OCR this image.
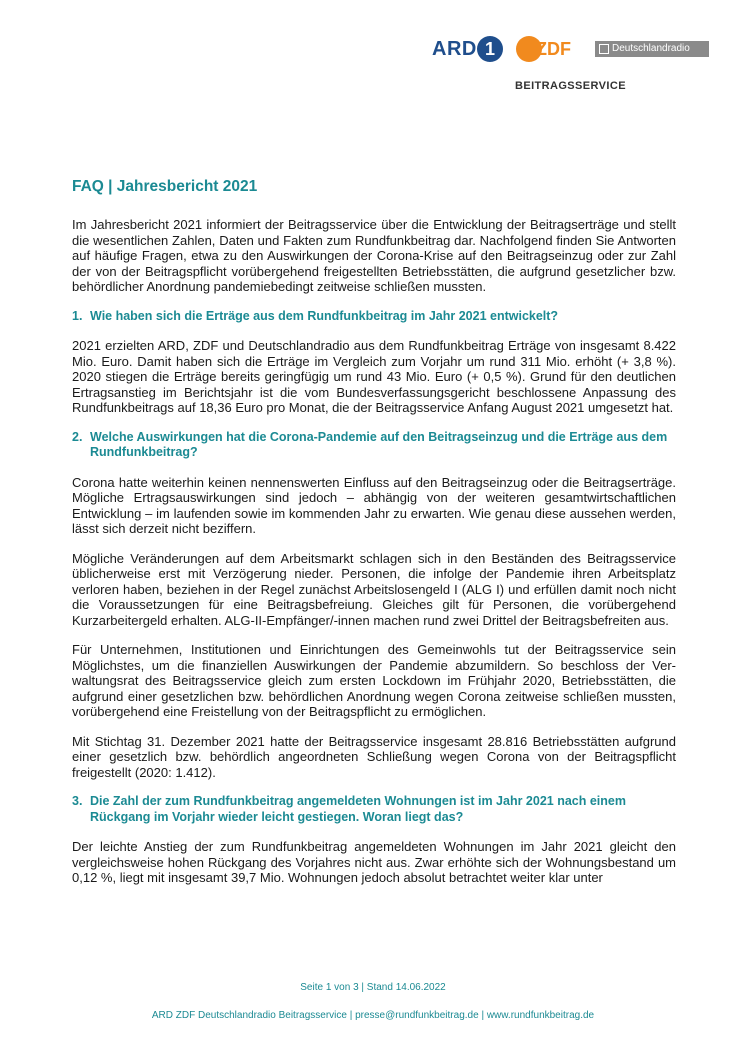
ARD 1 ZDF	Deutschlandradio
BEITRAGSSERVICE
FAQ | Jahresbericht 2021

Im Jahresbericht 2021 informiert der Beitragsservice über die Entwicklung der Beitragserträge und stellt die wesentlichen Zahlen, Daten und Fakten zum Rundfunkbeitrag dar. Nachfolgend finden Sie Antworten auf häufige Fragen, etwa zu den Auswirkungen der Corona-Krise auf den Beitragseinzug oder zur Zahl der von der Beitragspflicht vorübergehend freigestellten Betriebsstätten, die aufgrund gesetzlicher bzw. behördlicher Anordnung pandemiebedingt zeitweise schließen mussten.

1. Wie haben sich die Erträge aus dem Rundfunkbeitrag im Jahr 2021 entwickelt?

2021 erzielten ARD, ZDF und Deutschlandradio aus dem Rundfunkbeitrag Erträge von insgesamt 8.422 Mio. Euro. Damit haben sich die Erträge im Vergleich zum Vorjahr um rund 311 Mio. erhöht (+ 3,8 %). 2020 stiegen die Erträge bereits geringfügig um rund 43 Mio. Euro (+ 0,5 %). Grund für den deutlichen Ertragsanstieg im Berichtsjahr ist die vom Bundesverfassungsgericht beschlossene Anpassung des Rundfunkbeitrags auf 18,36 Euro pro Monat, die der Beitragsservice Anfang August 2021 umgesetzt hat.

2. Welche Auswirkungen hat die Corona-Pandemie auf den Beitragseinzug und die Erträge aus dem Rundfunkbeitrag?

Corona hatte weiterhin keinen nennenswerten Einfluss auf den Beitragseinzug oder die Beitragserträge. Mögliche Ertragsauswirkungen sind jedoch – abhängig von der weiteren gesamtwirtschaftlichen Entwicklung – im laufenden sowie im kommenden Jahr zu erwarten. Wie genau diese aussehen werden, lässt sich derzeit nicht beziffern.

Mögliche Veränderungen auf dem Arbeitsmarkt schlagen sich in den Beständen des Beitragsservice üblicherweise erst mit Verzögerung nieder. Personen, die infolge der Pandemie ihren Arbeitsplatz verloren haben, beziehen in der Regel zunächst Arbeitslosengeld I (ALG I) und erfüllen damit noch nicht die Voraussetzungen für eine Beitragsbefreiung. Gleiches gilt für Personen, die vorübergehend Kurzarbeitergeld erhalten. ALG-II-Empfänger/-innen machen rund zwei Drittel der Beitragsbefreiten aus.

Für Unternehmen, Institutionen und Einrichtungen des Gemeinwohls tut der Beitragsservice sein Möglichstes, um die finanziellen Auswirkungen der Pandemie abzumildern. So beschloss der Verwaltungsrat des Beitragsservice gleich zum ersten Lockdown im Frühjahr 2020, Betriebsstätten, die aufgrund einer gesetzlichen bzw. behördlichen Anordnung wegen Corona zeitweise schließen mussten, vorübergehend eine Freistellung von der Beitragspflicht zu ermöglichen.

Mit Stichtag 31. Dezember 2021 hatte der Beitragsservice insgesamt 28.816 Betriebsstätten aufgrund einer gesetzlich bzw. behördlich angeordneten Schließung wegen Corona von der Beitragspflicht freigestellt (2020: 1.412).

3. Die Zahl der zum Rundfunkbeitrag angemeldeten Wohnungen ist im Jahr 2021 nach einem Rückgang im Vorjahr wieder leicht gestiegen. Woran liegt das?

Der leichte Anstieg der zum Rundfunkbeitrag angemeldeten Wohnungen im Jahr 2021 gleicht den vergleichsweise hohen Rückgang des Vorjahres nicht aus. Zwar erhöhte sich der Wohnungsbestand um 0,12 %, liegt mit insgesamt 39,7 Mio. Wohnungen jedoch absolut betrachtet weiter klar unter

Seite 1 von 3 | Stand 14.06.2022
ARD ZDF Deutschlandradio Beitragsservice | presse@rundfunkbeitrag.de | www.rundfunkbeitrag.de
